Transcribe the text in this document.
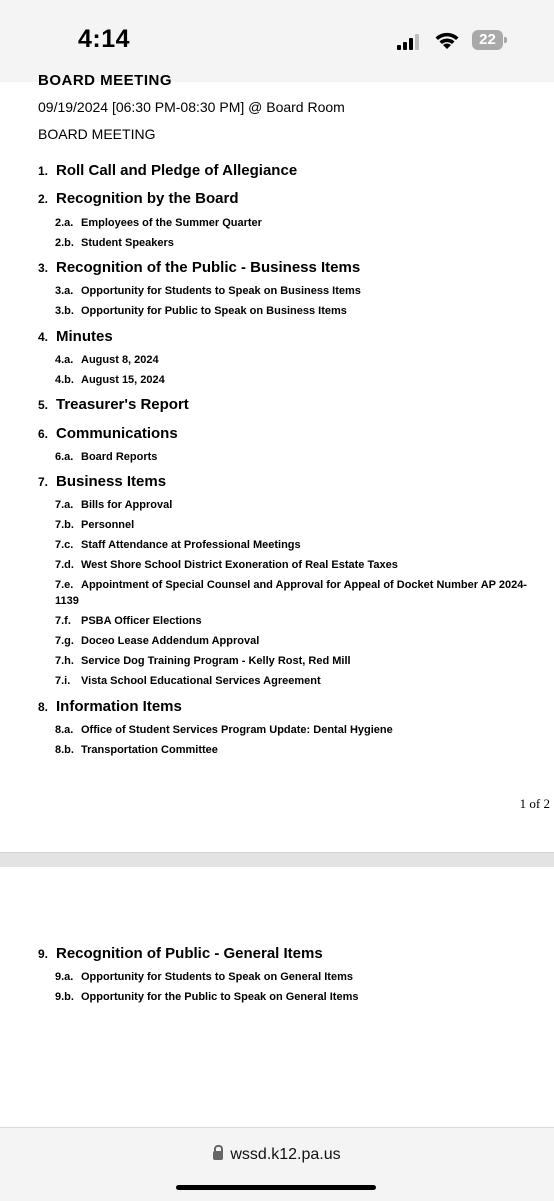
4:14	22
BOARD MEETING
09/19/2024 [06:30 PM-08:30 PM] @ Board Room
BOARD MEETING
1. Roll Call and Pledge of Allegiance
2. Recognition by the Board
2.a. Employees of the Summer Quarter
2.b. Student Speakers
3. Recognition of the Public - Business Items
3.a. Opportunity for Students to Speak on Business Items
3.b. Opportunity for Public to Speak on Business Items
4. Minutes
4.a. August 8, 2024
4.b. August 15, 2024
5. Treasurer's Report
6. Communications
6.a. Board Reports
7. Business Items
7.a. Bills for Approval
7.b. Personnel
7.c. Staff Attendance at Professional Meetings
7.d. West Shore School District Exoneration of Real Estate Taxes
7.e. Appointment of Special Counsel and Approval for Appeal of Docket Number AP 2024-1139
7.f. PSBA Officer Elections
7.g. Doceo Lease Addendum Approval
7.h. Service Dog Training Program - Kelly Rost, Red Mill
7.i. Vista School Educational Services Agreement
8. Information Items
8.a. Office of Student Services Program Update: Dental Hygiene
8.b. Transportation Committee
1 of 2
9. Recognition of Public - General Items
9.a. Opportunity for Students to Speak on General Items
9.b. Opportunity for the Public to Speak on General Items
wssd.k12.pa.us
